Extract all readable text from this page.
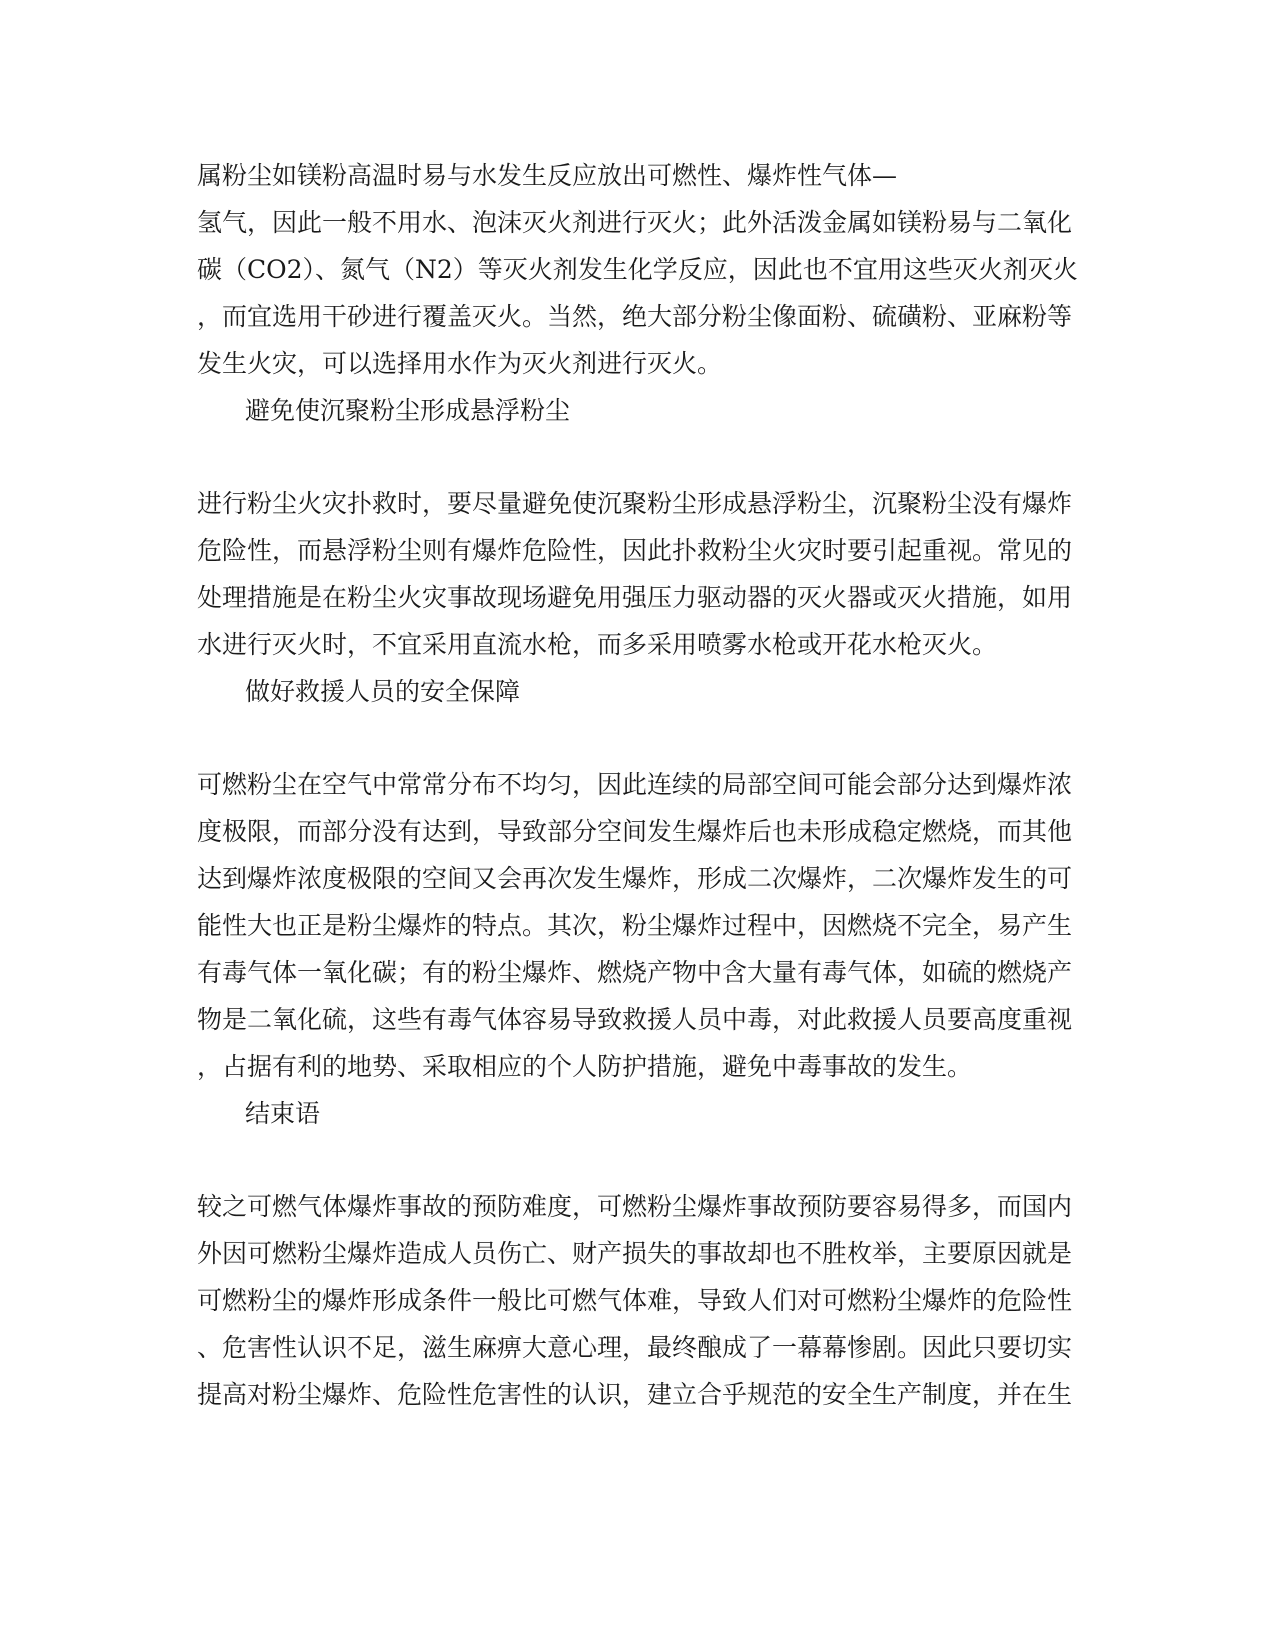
属粉尘如镁粉高温时易与水发生反应放出可燃性、爆炸性气体—
氢气，因此一般不用水、泡沫灭火剂进行灭火；此外活泼金属如镁粉易与二氧化
碳（CO2）、氮气（N2）等灭火剂发生化学反应，因此也不宜用这些灭火剂灭火
，而宜选用干砂进行覆盖灭火。当然，绝大部分粉尘像面粉、硫磺粉、亚麻粉等
发生火灾，可以选择用水作为灭火剂进行灭火。
避免使沉聚粉尘形成悬浮粉尘
进行粉尘火灾扑救时，要尽量避免使沉聚粉尘形成悬浮粉尘，沉聚粉尘没有爆炸
危险性，而悬浮粉尘则有爆炸危险性，因此扑救粉尘火灾时要引起重视。常见的
处理措施是在粉尘火灾事故现场避免用强压力驱动器的灭火器或灭火措施，如用
水进行灭火时，不宜采用直流水枪，而多采用喷雾水枪或开花水枪灭火。
做好救援人员的安全保障
可燃粉尘在空气中常常分布不均匀，因此连续的局部空间可能会部分达到爆炸浓
度极限，而部分没有达到，导致部分空间发生爆炸后也未形成稳定燃烧，而其他
达到爆炸浓度极限的空间又会再次发生爆炸，形成二次爆炸，二次爆炸发生的可
能性大也正是粉尘爆炸的特点。其次，粉尘爆炸过程中，因燃烧不完全，易产生
有毒气体一氧化碳；有的粉尘爆炸、燃烧产物中含大量有毒气体，如硫的燃烧产
物是二氧化硫，这些有毒气体容易导致救援人员中毒，对此救援人员要高度重视
，占据有利的地势、采取相应的个人防护措施，避免中毒事故的发生。
结束语
较之可燃气体爆炸事故的预防难度，可燃粉尘爆炸事故预防要容易得多，而国内
外因可燃粉尘爆炸造成人员伤亡、财产损失的事故却也不胜枚举，主要原因就是
可燃粉尘的爆炸形成条件一般比可燃气体难，导致人们对可燃粉尘爆炸的危险性
、危害性认识不足，滋生麻痹大意心理，最终酿成了一幕幕惨剧。因此只要切实
提高对粉尘爆炸、危险性危害性的认识，建立合乎规范的安全生产制度，并在生
